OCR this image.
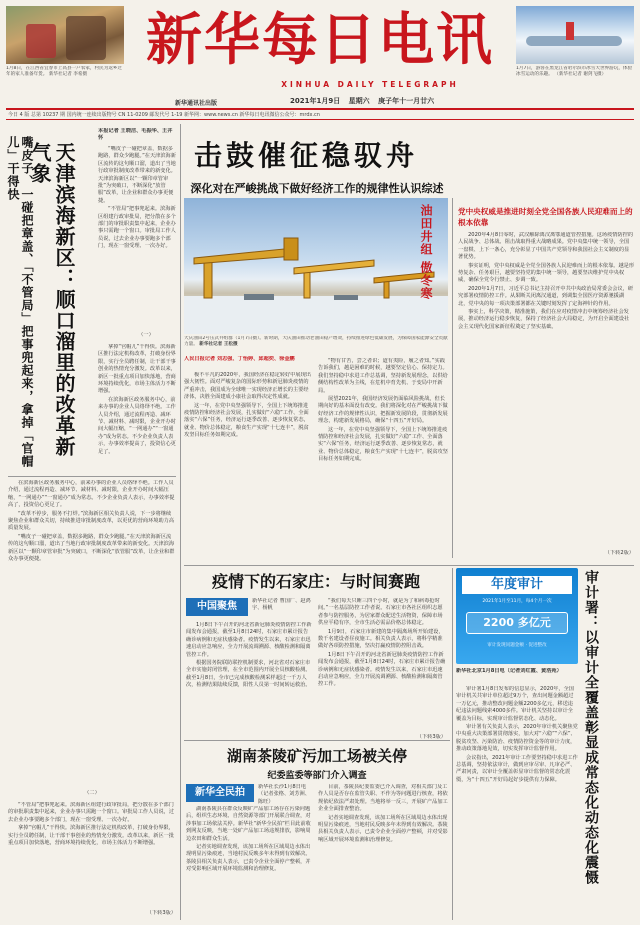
1月8日，在江西省宜春市上高县一户农家，村民为返乡过年的家人准备年货。 新华社记者 李希摄
新华每日电讯
XINHUA DAILY TELEGRAPH
1月7日，游客在黑龙江省哈尔滨市冰雪大世界游玩，体验冰雪运动的乐趣。 （新华社记者 谢剑飞摄）
新华通讯社出版	2021年1月9日 星期六 庚子年十一月廿六
今日 4 版 总第 10237 期 国内统一连续出版物号 CN 11-0209 邮发代号 1-19 新华网：www.news.cn 新华每日电讯微信公众号：mrdx.cn
嘴皮子、一碰把章盖、「不管局」把事兜起来，拿掉「官帽儿」干得快	天津滨海新区：顺口溜里的改革新气象
本报记者 王晓洁、毛振华、王井怀

“嘴皮子一碰把章盖，数据多跑路，群众少跑腿。”在天津滨海新区流传的这句顺口溜，道出了当地行政审批制度改革带来的新变化。天津滨海新区以“一颗印章管审批”为突破口，不断深化“放管服”改革，让企业和群众办事更便捷。

“不管局”把事兜起来。滨海新区组建行政审批局，把分散在多个部门的审批职责集中起来，企业办事只需跑一个窗口。审批局工作人员说，过去企业办事要跑多个部门，现在一窗受理、一次办好。

（一）

拿掉“官帽儿”干得快。滨海新区推行法定机构改革，打破身份界限，实行全员聘任制，让干部干事创业的热情充分激发。改革以来，新区一批重点项目加快落地，营商环境持续优化，市场主体活力不断增强。

在滨海新区政务服务中心，前来办事的企业人员络绎不绝。工作人员介绍，通过流程再造、减环节、减材料、减时限，企业开办时间大幅压缩，“一网通办”“一窗通办”成为常态。不少企业负责人表示，办事效率提高了，投资信心更足了。

在滨海新区政务服务中心，前来办事的企业人员络绎不绝。工作人员介绍，通过流程再造、减环节、减材料、减时限，企业开办时间大幅压缩，“一网通办”“一窗通办”成为常态。不少企业负责人表示，办事效率提高了，投资信心更足了。

“改革不停步，服务不打烊。”滨海新区相关负责人说，下一步将继续聚焦企业和群众关切，持续推进审批制度改革，以更优的营商环境助力高质量发展。

“嘴皮子一碰把章盖，数据多跑路，群众少跑腿。”在天津滨海新区流传的这句顺口溜，道出了当地行政审批制度改革带来的新变化。天津滨海新区以“一颗印章管审批”为突破口，不断深化“放管服”改革，让企业和群众办事更便捷。

（二）

“不管局”把事兜起来。滨海新区组建行政审批局，把分散在多个部门的审批职责集中起来，企业办事只需跑一个窗口。审批局工作人员说，过去企业办事要跑多个部门，现在一窗受理、一次办好。

拿掉“官帽儿”干得快。滨海新区推行法定机构改革，打破身份界限，实行全员聘任制，让干部干事创业的热情充分激发。改革以来，新区一批重点项目加快落地，营商环境持续优化，市场主体活力不断增强。

（下转3版）
击鼓催征稳驭舟
深化对在严峻挑战下做好经济工作的规律性认识综述
油田井组 傲冬寒
大庆油田2号压式井组群（1月7日摄）。新时期，大庆油田推动老油田稳产增效，持续推进绿色低碳发展，为保障国家能源安全贡献力量。 新华社记者 王松摄
人民日报记者 刘志强、丁怡婷、邱超奕、徐金鹏

极不平凡的2020年，我国经济在稳定转好中展现出强大韧性。面对严峻复杂的国际形势和新冠肺炎疫情的严重冲击，我国成为全球唯一实现经济正增长的主要经济体，决胜全面建成小康社会取得决定性成就。

这一年，在党中央坚强领导下，全国上下统筹推进疫情防控和经济社会发展，扎实做好“六稳”工作、全面落实“六保”任务，经济运行逐季改善、逐步恢复常态，就业、物价总体稳定，粮食生产实现“十七连丰”，脱贫攻坚目标任务如期完成。

“物有甘苦，尝之者识；道有夷险，履之者知。”实践告诉我们，越是困难的时候，越要坚定信心、保持定力。我们坚持稳中求进工作总基调，坚持新发展理念，以供给侧结构性改革为主线，在危机中育先机、于变局中开新局。

展望2021年，我国经济发展仍面临风险挑战，但长期向好的基本面没有改变。我们将深化对在严峻挑战下做好经济工作的规律性认识，把握新发展阶段，贯彻新发展理念，构建新发展格局，确保“十四五”开好局。

这一年，在党中央坚强领导下，全国上下统筹推进疫情防控和经济社会发展，扎实做好“六稳”工作、全面落实“六保”任务，经济运行逐季改善、逐步恢复常态，就业、物价总体稳定，粮食生产实现“十七连丰”，脱贫攻坚目标任务如期完成。

党中央权威是推进时刻全党全国各族人民迎难而上的根本依靠

2020年4月8日零时，武汉解除离汉离鄂通道管控措施。这场疫情防控的人民战争、总体战、阻击战取得重大战略成果。党中央集中统一领导，全国一盘棋、上下一条心，充分彰显了中国共产党领导和我国社会主义制度的显著优势。

事实证明，党中央权威是全党全国各族人民迎难而上的根本依靠。越是形势复杂、任务艰巨，越要坚持党的集中统一领导，越要坚决维护党中央权威，确保全党令行禁止、步调一致。

2020年1月7日，习近平总书记主持召开中共中央政治局常委会会议，研究部署疫情防控工作。从果断关闭离汉通道，到调集全国医疗资源驰援湖北，党中央的每一项决策部署都在关键时刻发挥了定海神针的作用。

事实上，科学决策，精准施策，我们在应对疫情冲击中统筹经济社会发展，推动经济运行稳步恢复，保持了经济社会大局稳定，为开启全面建设社会主义现代化国家新征程奠定了坚实基础。

（下转2版）
疫情下的石家庄：与时间赛跑
中国聚焦	新华社记者 曹国厂、赵鸿宇、杨帆

1月8日下午召开的河北省新冠肺炎疫情防控工作新闻发布会通报，截至1月8日24时，石家庄市累计报告确诊病例和无症状感染者。疫情发生以来，石家庄市迅速启动应急响应，全力开展流调溯源、核酸检测和隔离管控工作。

根据国务院联防联控机制要求，河北省对石家庄市全市实施封闭管理，在全市范围内开展全员核酸检测。截至1月8日，全市已完成核酸检测采样超过一千万人次，检测结果陆续反馈，阳性人员第一时间转运救治。

“我们每天只睡三四个小时，就是为了和病毒抢时间。”一名基层防控工作者说。石家庄市各社区组织志愿者参与防控服务，为居家群众配送生活物资，保障市场供应平稳有序，全市生活必需品价格总体稳定。

1月9日，石家庄市新建的集中隔离场所开始建设，数千名建设者昼夜施工。相关负责人表示，将科学精准做好各项防控措施，坚决打赢疫情防控阻击战。

1月8日下午召开的河北省新冠肺炎疫情防控工作新闻发布会通报，截至1月8日24时，石家庄市累计报告确诊病例和无症状感染者。疫情发生以来，石家庄市迅速启动应急响应，全力开展流调溯源、核酸检测和隔离管控工作。

（下转3版）
年度审计
2021年1月至11月，每4个月一次
2200 多亿元
审计发现问题金额 · 促进整改	审计署：以审计全覆盖彰显成常态化动态化震慑
新华社北京1月8日电（记者刘红霞、黄浩苑）

审计署1月8日发布的信息显示，2020年，全国审计机关共审计单位超过9万个，查出问题金额超过一万亿元，推动整改问题金额2200多亿元，移送违纪违法问题线索4000多件。审计机关坚持以审计全覆盖为目标，实现审计监督常态化、动态化。

审计署有关负责人表示，2020年审计机关聚焦党中央重大决策部署贯彻落实，加大对“六稳”“六保”、脱贫攻坚、污染防治、疫情防控资金等的审计力度，推动政策落地见效，切实发挥审计监督作用。

会议指出，2021年审计工作要坚持稳中求进工作总基调，坚持依法审计，做到应审尽审、凡审必严、严肃问责，以审计全覆盖彰显审计监督的常态化震慑，为“十四五”开好局起好步提供有力保障。

湖南茶陵矿污加工场被关停
纪委监委等部门介入调查
新华全民拍	新华社长沙1月8日电（记者张格、刘芳洲、陈旺）

湖南茶陵县在群众反映矿产品加工场存在污染问题后，组织生态环境、自然资源等部门开展联合调查，对涉事加工场依法关停。新华社“新华全民拍”栏目此前收到网友反映，当地一处矿产品加工场违规排放，影响周边农田和群众生活。

记者实地调查发现，该加工场所在区域周边水体出现明显污染痕迹，当地村民反映多年未得到有效解决。茶陵县相关负责人表示，已责令企业全面停产整顿，并对受影响区域开展环境监测和治理修复。

目前，茶陵县纪委监委已介入调查，对相关部门及工作人员是否存在监管失职、不作为等问题进行核查，将依规依纪依法严肃处理。当地将举一反三，开展矿产品加工企业全面排查整治。

记者实地调查发现，该加工场所在区域周边水体出现明显污染痕迹，当地村民反映多年未得到有效解决。茶陵县相关负责人表示，已责令企业全面停产整顿，并对受影响区域开展环境监测和治理修复。
